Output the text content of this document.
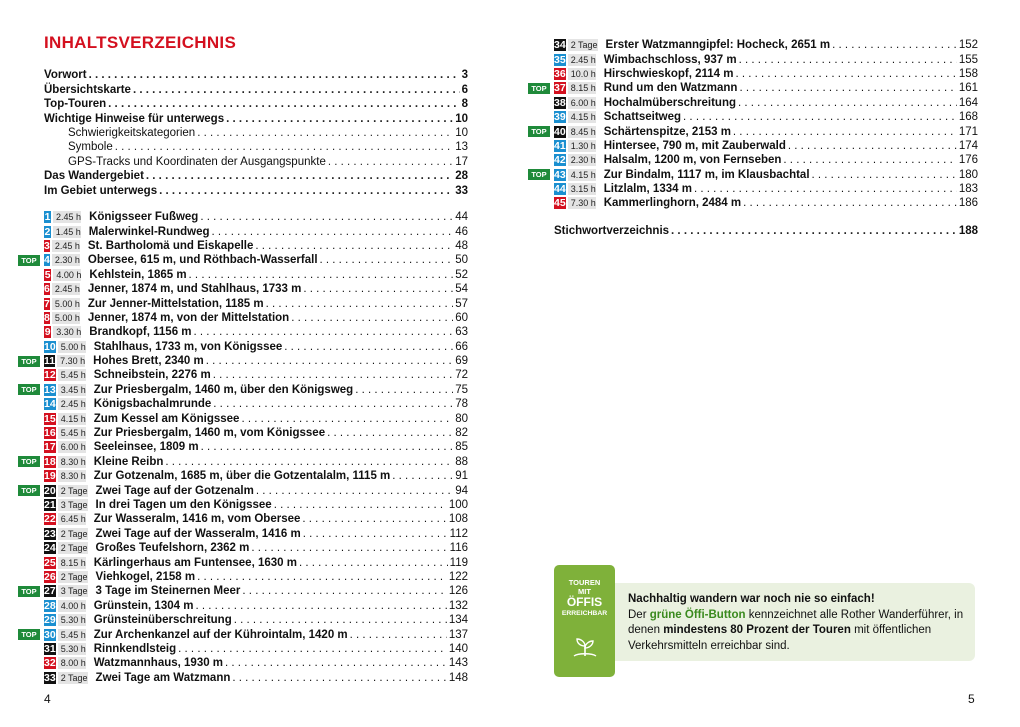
INHALTSVERZEICHNIS
Vorwort . . .	3
Übersichtskarte . . .	6
Top-Touren . . .	8
Wichtige Hinweise für unterwegs . . .	10
Schwierigkeitskategorien . . .	10
Symbole . . .	13
GPS-Tracks und Koordinaten der Ausgangspunkte . . .	17
Das Wandergebiet . . .	28
Im Gebiet unterwegs . . .	33
1 2.45 h Königsseer Fußweg . . .	44
2 1.45 h Malerwinkel-Rundweg . . .	46
3 2.45 h St. Bartholomä und Eiskapelle . . .	48
TOP 4 2.30 h Obersee, 615 m, und Röthbach-Wasserfall . . .	50
5 4.00 h Kehlstein, 1865 m . . .	52
6 2.45 h Jenner, 1874 m, und Stahlhaus, 1733 m . . .	54
7 5.00 h Zur Jenner-Mittelstation, 1185 m . . .	57
8 5.00 h Jenner, 1874 m, von der Mittelstation . . .	60
9 3.30 h Brandkopf, 1156 m . . .	63
10 5.00 h Stahlhaus, 1733 m, von Königssee . . .	66
TOP 11 7.30 h Hohes Brett, 2340 m . . .	69
12 5.45 h Schneibstein, 2276 m . . .	72
TOP 13 3.45 h Zur Priesbergalm, 1460 m, über den Königsweg . . .	75
14 2.45 h Königsbachalmrunde . . .	78
15 4.15 h Zum Kessel am Königssee . . .	80
16 5.45 h Zur Priesbergalm, 1460 m, vom Königssee . . .	82
17 6.00 h Seeleinsee, 1809 m . . .	85
TOP 18 8.30 h Kleine Reibn . . .	88
19 8.30 h Zur Gotzenalm, 1685 m, über die Gotzentalalm, 1115 m . . .	91
TOP 20 2 Tage Zwei Tage auf der Gotzenalm . . .	94
21 3 Tage In drei Tagen um den Königssee . . .	100
22 6.45 h Zur Wasseralm, 1416 m, vom Obersee . . .	108
23 2 Tage Zwei Tage auf der Wasseralm, 1416 m . . .	112
24 2 Tage Großes Teufelshorn, 2362 m . . .	116
25 8.15 h Kärlingerhaus am Funtensee, 1630 m . . .	119
26 2 Tage Viehkogel, 2158 m . . .	122
TOP 27 3 Tage 3 Tage im Steinernen Meer . . .	126
28 4.00 h Grünstein, 1304 m . . .	132
29 5.30 h Grünsteinüberschreitung . . .	134
TOP 30 5.45 h Zur Archenkanzel auf der Kührointalm, 1420 m . . .	137
31 5.30 h Rinnkendlsteig . . .	140
32 8.00 h Watzmannhaus, 1930 m . . .	143
33 2 Tage Zwei Tage am Watzmann . . .	148
4
34 2 Tage Erster Watzmanngipfel: Hocheck, 2651 m . . .	152
35 2.45 h Wimbachschloss, 937 m . . .	155
36 10.0 h Hirschwieskopf, 2114 m . . .	158
TOP 37 8.15 h Rund um den Watzmann . . .	161
38 6.00 h Hochalmüberschreitung . . .	164
39 4.15 h Schattseitweg . . .	168
TOP 40 8.45 h Schärtenspitze, 2153 m . . .	171
41 1.30 h Hintersee, 790 m, mit Zauberwald . . .	174
42 2.30 h Halsalm, 1200 m, von Fernseben . . .	176
TOP 43 4.15 h Zur Bindalm, 1117 m, im Klausbachtal . . .	180
44 3.15 h Litzlalm, 1334 m . . .	183
45 7.30 h Kammerlinghorn, 2484 m . . .	186
Stichwortverzeichnis . . .	188
TOUREN
MIT
ÖFFIS
ERREICHBAR
Nachhaltig wandern war noch nie so einfach!
Der grüne Öffi-Button kennzeichnet alle Rother Wanderführer, in denen mindestens 80 Prozent der Touren mit öffentlichen Verkehrsmitteln erreichbar sind.
5
